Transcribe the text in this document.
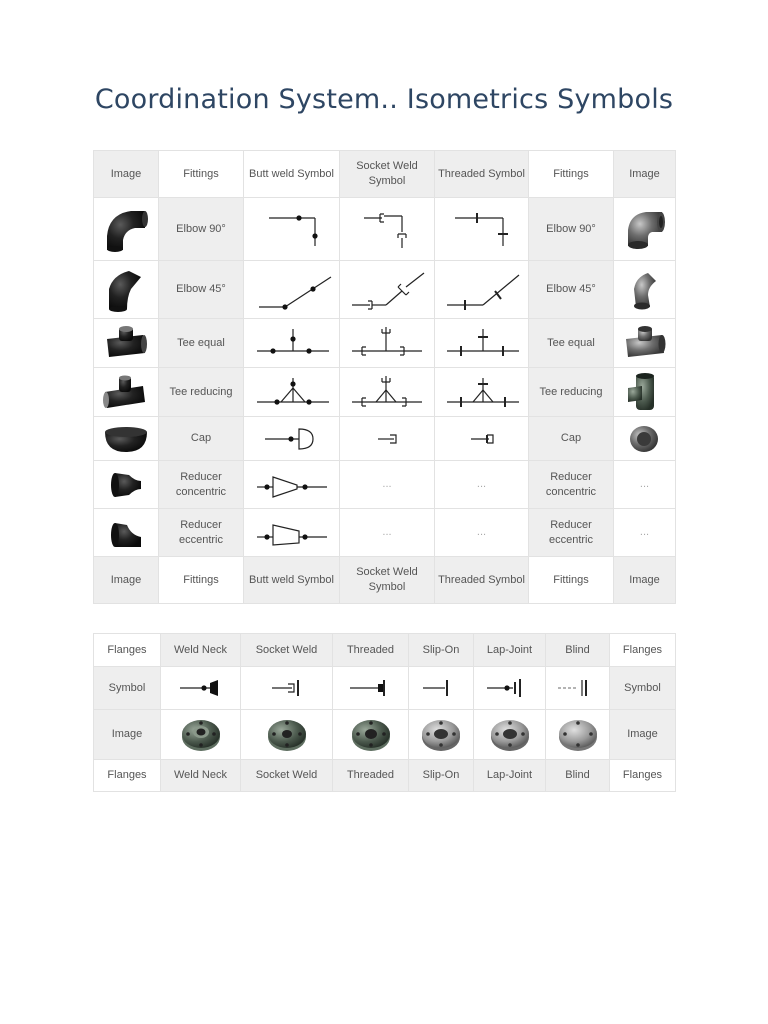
Coordination System.. Isometrics Symbols
Image	Fittings	Butt weld Symbol	Socket Weld Symbol	Threaded Symbol	Fittings	Image

	Elbow 90°				Elbow 90°	

	Elbow 45°				Elbow 45°	

	Tee equal				Tee equal	

	Tee reducing				Tee reducing	

	Cap				Cap	

	Reducer concentric		...	...	Reducer concentric	...

	Reducer eccentric		...	...	Reducer eccentric	...
Image	Fittings	Butt weld Symbol	Socket Weld Symbol	Threaded Symbol	Fittings	Image
Flanges	Weld Neck	Socket Weld	Threaded	Slip-On	Lap-Joint	Blind	Flanges
Symbol							Symbol
Image							Image
Flanges	Weld Neck	Socket Weld	Threaded	Slip-On	Lap-Joint	Blind	Flanges
